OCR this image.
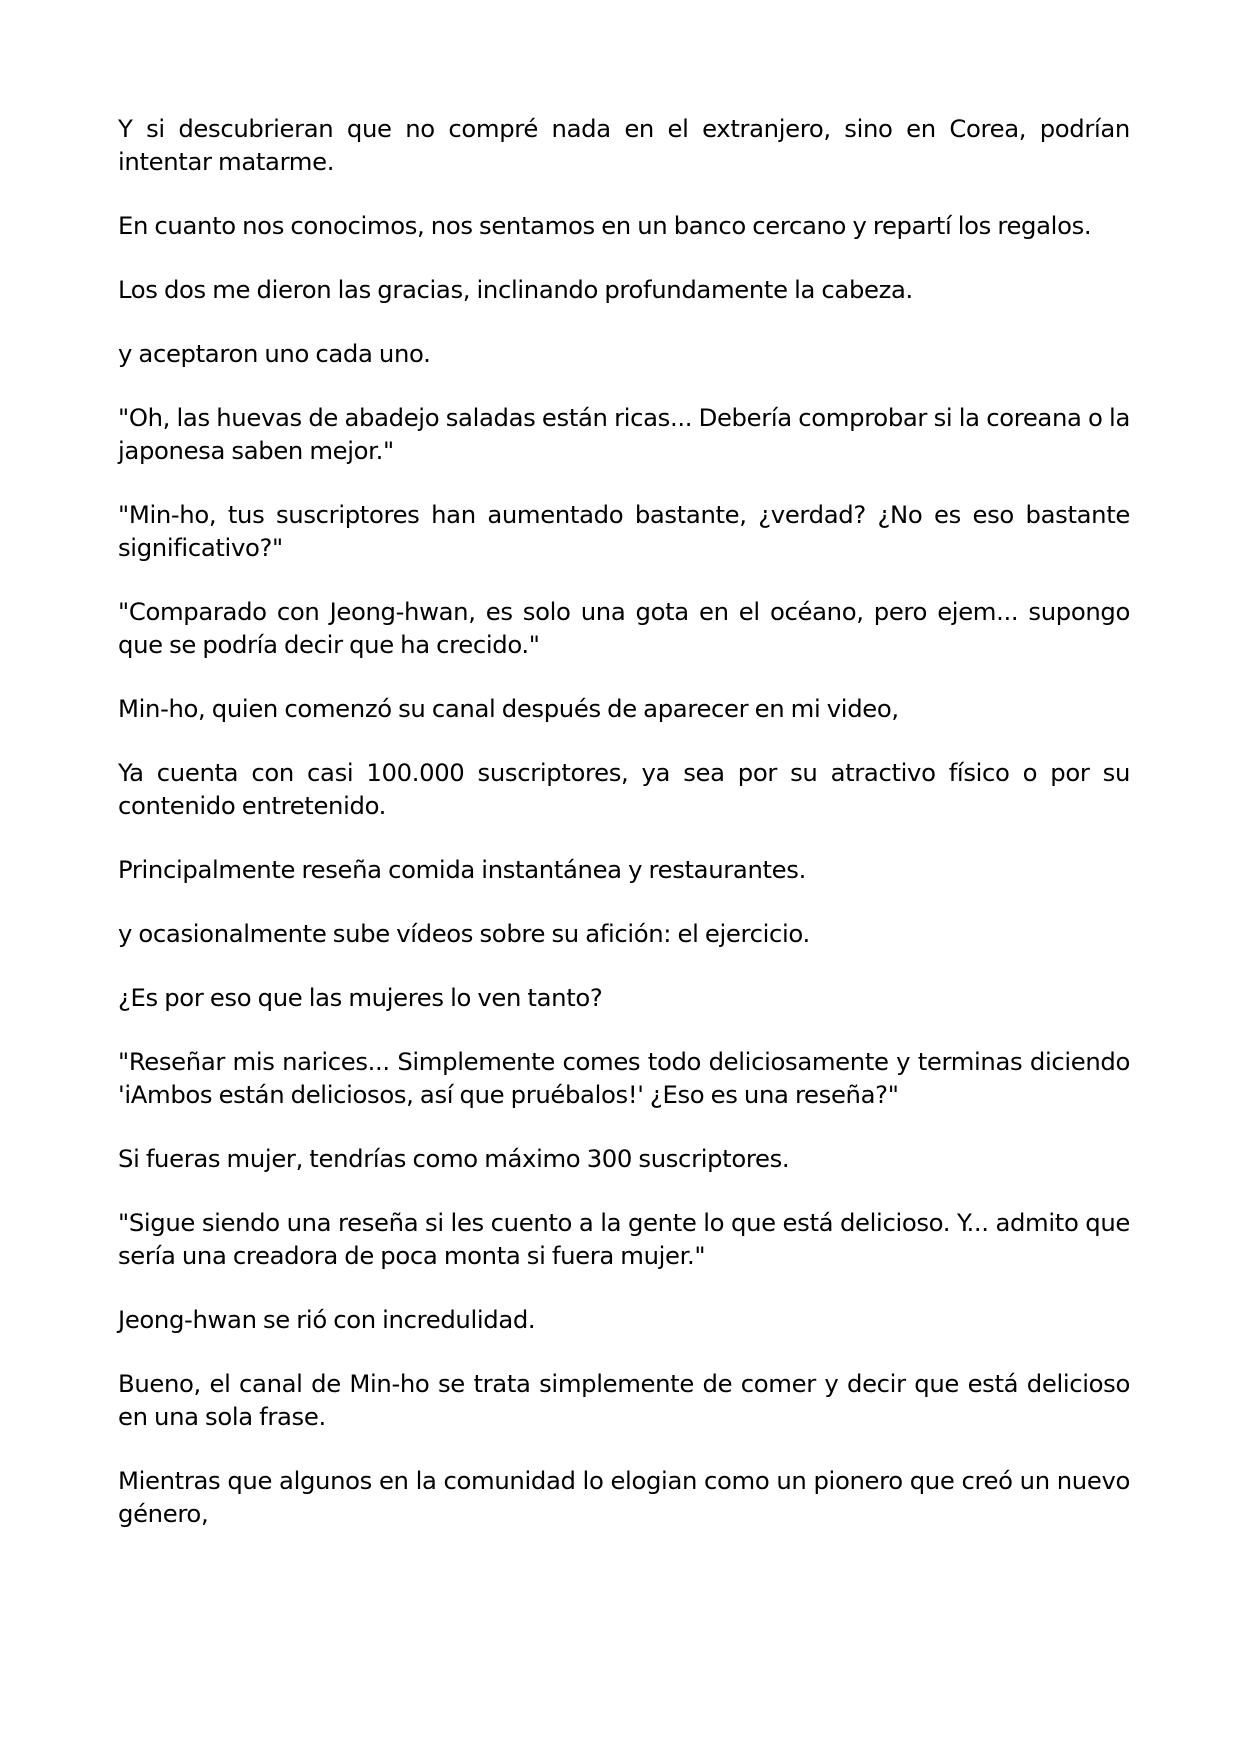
Y si descubrieran que no compré nada en el extranjero, sino en Corea, podrían intentar matarme.

En cuanto nos conocimos, nos sentamos en un banco cercano y repartí los regalos.

Los dos me dieron las gracias, inclinando profundamente la cabeza.

y aceptaron uno cada uno.

"Oh, las huevas de abadejo saladas están ricas... Debería comprobar si la coreana o la japonesa saben mejor."

"Min-ho, tus suscriptores han aumentado bastante, ¿verdad? ¿No es eso bastante significativo?"

"Comparado con Jeong-hwan, es solo una gota en el océano, pero ejem... supongo que se podría decir que ha crecido."

Min-ho, quien comenzó su canal después de aparecer en mi video,

Ya cuenta con casi 100.000 suscriptores, ya sea por su atractivo físico o por su contenido entretenido.

Principalmente reseña comida instantánea y restaurantes.

y ocasionalmente sube vídeos sobre su afición: el ejercicio.

¿Es por eso que las mujeres lo ven tanto?

"Reseñar mis narices... Simplemente comes todo deliciosamente y terminas diciendo 'iAmbos están deliciosos, así que pruébalos!' ¿Eso es una reseña?"

Si fueras mujer, tendrías como máximo 300 suscriptores.

"Sigue siendo una reseña si les cuento a la gente lo que está delicioso. Y... admito que sería una creadora de poca monta si fuera mujer."

Jeong-hwan se rió con incredulidad.

Bueno, el canal de Min-ho se trata simplemente de comer y decir que está delicioso en una sola frase.

Mientras que algunos en la comunidad lo elogian como un pionero que creó un nuevo género,
